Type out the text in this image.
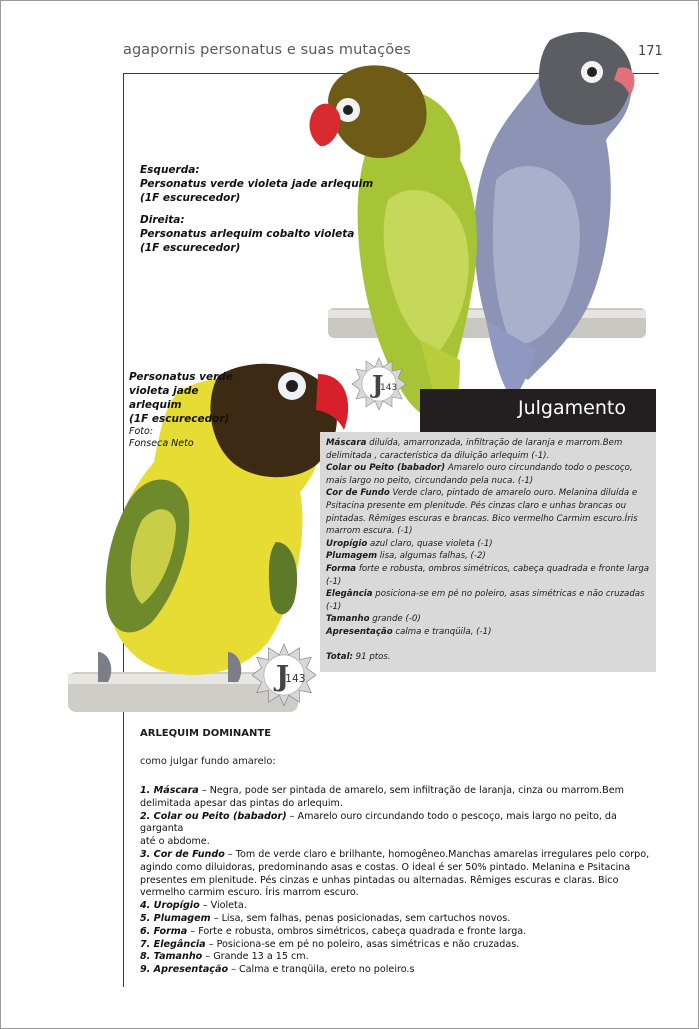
agapornis personatus e suas mutações	171
Esquerda:
Personatus verde violeta jade arlequim
(1F escurecedor)
Direita:
Personatus arlequim cobalto violeta
(1F escurecedor)
Personatus verde
violeta jade
arlequim
(1F escurecedor)
Foto:
Fonseca Neto
J
143
J
143
Julgamento
Máscara diluída, amarronzada, infiltração de laranja e marrom.Bem
delimitada , característica da diluição arlequim (-1).
Colar ou Peito (babador) Amarelo ouro circundando todo o pescoço,
mais largo no peito, circundando pela nuca. (-1)
Cor de Fundo Verde claro, pintado de amarelo ouro. Melanina diluída e
Psitacina presente em plenitude. Pés cinzas claro e unhas brancas ou
pintadas. Rêmiges escuras e brancas. Bico vermelho Carmim escuro.Íris
marrom escura. (-1)
Uropígio azul claro, quase violeta (-1)
Plumagem lisa, algumas falhas, (-2)
Forma forte e robusta, ombros simétricos, cabeça quadrada e fronte larga
(-1)
Elegância posiciona-se em pé no poleiro, asas simétricas e não cruzadas
(-1)
Tamanho grande (-0)
Apresentação calma e tranqüila, (-1)
Total: 91 ptos.
ARLEQUIM DOMINANTE
como julgar fundo amarelo:
1. Máscara – Negra, pode ser pintada de amarelo, sem infiltração de laranja, cinza ou marrom.Bem
delimitada apesar das pintas do arlequim.
2. Colar ou Peito (babador) – Amarelo ouro circundando todo o pescoço, mais largo no peito, da garganta
até o abdome.
3. Cor de Fundo – Tom de verde claro e brilhante, homogêneo.Manchas amarelas irregulares pelo corpo,
agindo como diluidoras, predominando asas e costas. O ideal é ser 50% pintado. Melanina e Psitacina
presentes em plenitude. Pés cinzas e unhas pintadas ou alternadas. Rêmiges escuras e claras. Bico
vermelho carmim escuro. Íris marrom escuro.
4. Uropígio – Violeta.
5. Plumagem – Lisa, sem falhas, penas posicionadas, sem cartuchos novos.
6. Forma – Forte e robusta, ombros simétricos, cabeça quadrada e fronte larga.
7. Elegância – Posiciona-se em pé no poleiro, asas simétricas e não cruzadas.
8. Tamanho – Grande 13 a 15 cm.
9. Apresentação – Calma e tranqüila, ereto no poleiro.s
